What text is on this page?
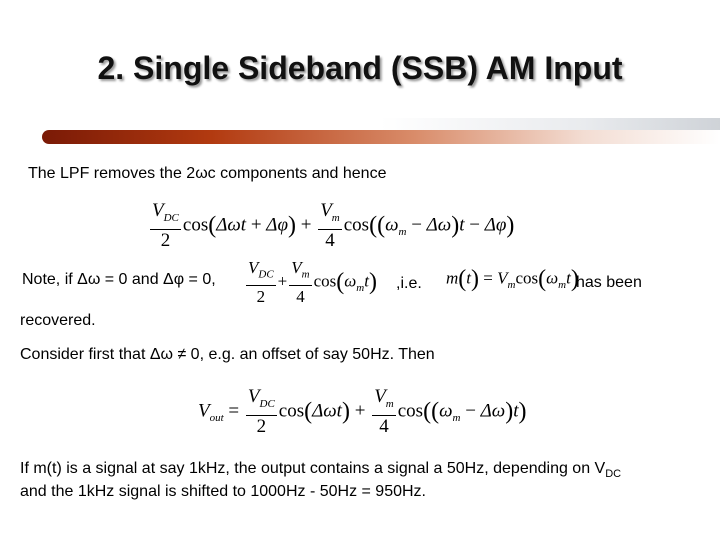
2. Single Sideband (SSB) AM Input
The LPF removes the 2ωc components and hence
$\frac{V_{DC}}{2} \cos(\Delta\omega t + \Delta\varphi) + \frac{V_m}{4} \cos((\omega_m - \Delta\omega)t - \Delta\varphi)$
Note, if Δω = 0 and Δφ = 0, $\frac{V_{DC}}{2} + \frac{V_m}{4} \cos(\omega_mt)$ ,i.e. $m(t) = V_m\cos(\omega_mt)$
has been
recovered.
Consider first that Δω ≠ 0, e.g. an offset of say 50Hz. Then
$V_{out} = \frac{V_{DC}}{2} \cos(\Delta\omega t) + \frac{V_m}{4} \cos((\omega_m - \Delta\omega)t)$
If m(t) is a signal at say 1kHz, the output contains a signal a 50Hz, depending on $V_{DC}$
and the 1kHz signal is shifted to 1000Hz - 50Hz = 950Hz.
